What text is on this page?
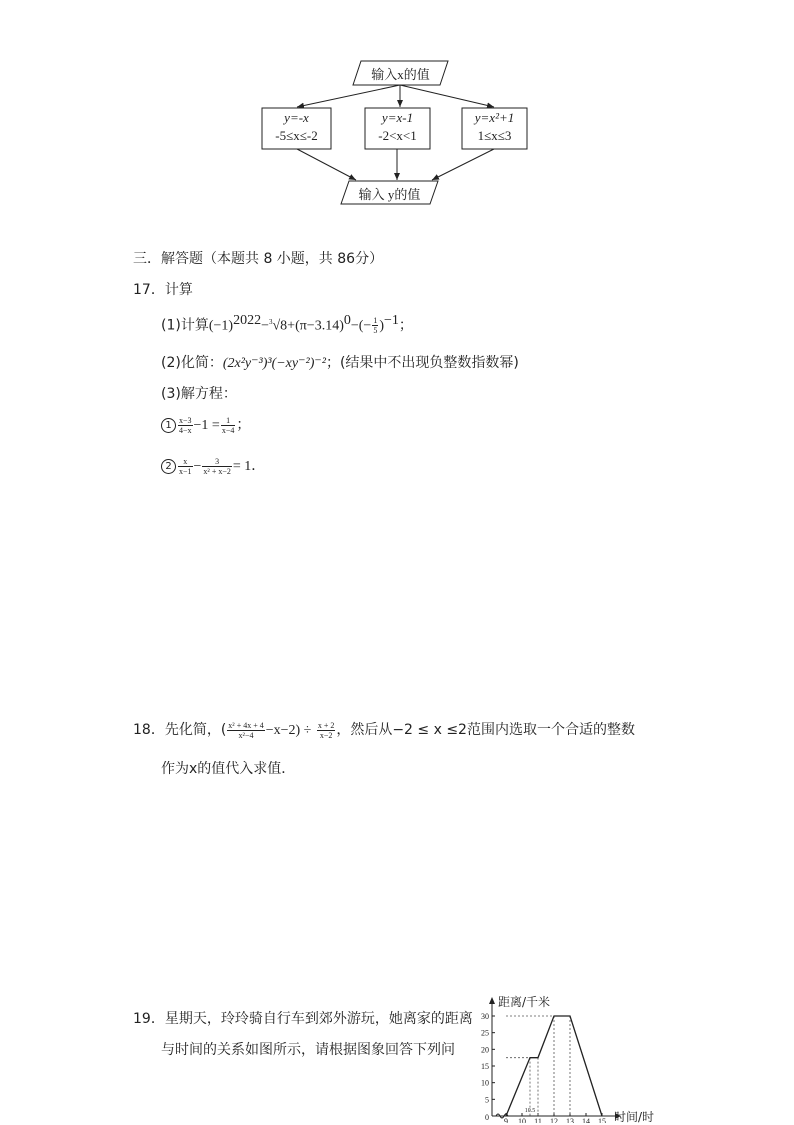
输入x的值
输入 y的值
y=-x
-5≤x≤-2
y=x-1
-2<x<1
y=x²+1
1≤x≤3
三．解答题（本题共 8 小题，共 86分）
17．计算
(1)计算$(-1)^{2022}-^3√8+(\pi-3.14)^0-(- \frac{1}{5} )^{-1}$；
(2)化简：(2x²y⁻³)³(−xy⁻²)⁻²；(结果中不出现负整数指数幂)
(3)解方程：
$1 \frac{x-3}{4-x} -1 = \frac{1}{x-4}$ ；
$2 \frac{x}{x-1} - \frac{3}{\text{x² + x−2}} = 1$．
18．先化简，( $\frac{\text{x² + 4x + 4}}{\text{x²−4}} -x-2) \div \frac{x + 2}{x-2}$ ，然后从−2 ≤ x ≤2范围内选取一个合适的整数
作为x的值代入求值．
19．星期天，玲玲骑自行车到郊外游玩，她离家的距离
与时间的关系如图所示，请根据图象回答下列问
0
5
10
15
20
25
30
9 10 11 12 13 14 15
10.5
距离/千米
时间/时
